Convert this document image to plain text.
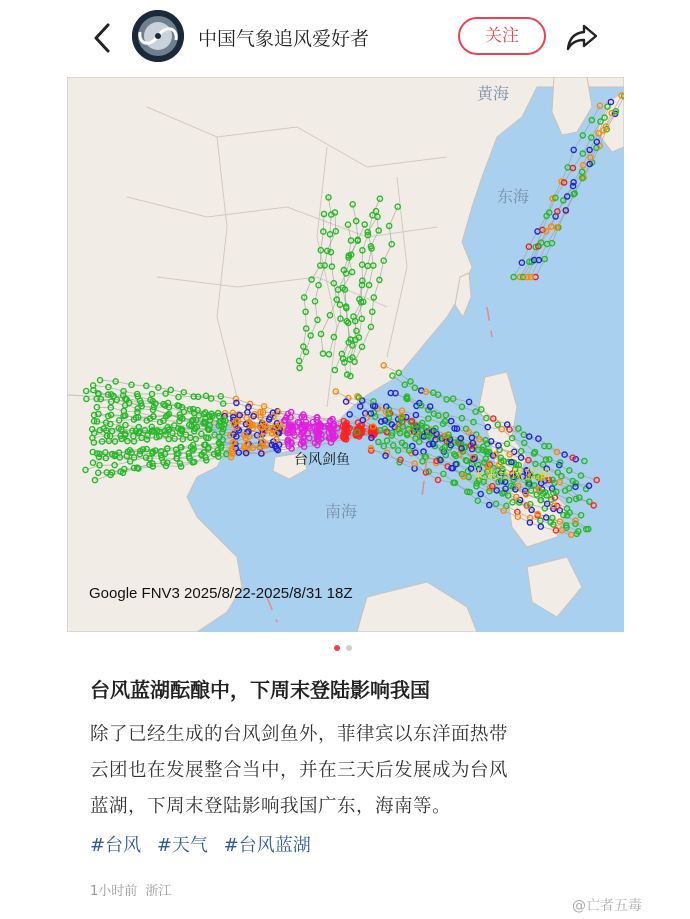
中国气象追风爱好者	关注
黄海
东海
南海
台风剑鱼
未来台风蓝湖
Google FNV3 2025/8/22-2025/8/31 18Z
台风蓝湖酝酿中，下周末登陆影响我国
除了已经生成的台风剑鱼外，菲律宾以东洋面热带
云团也在发展整合当中，并在三天后发展成为台风
蓝湖，下周末登陆影响我国广东，海南等。
#台风 #天气 #台风蓝湖
1小时前 浙江
@亡者五毒
